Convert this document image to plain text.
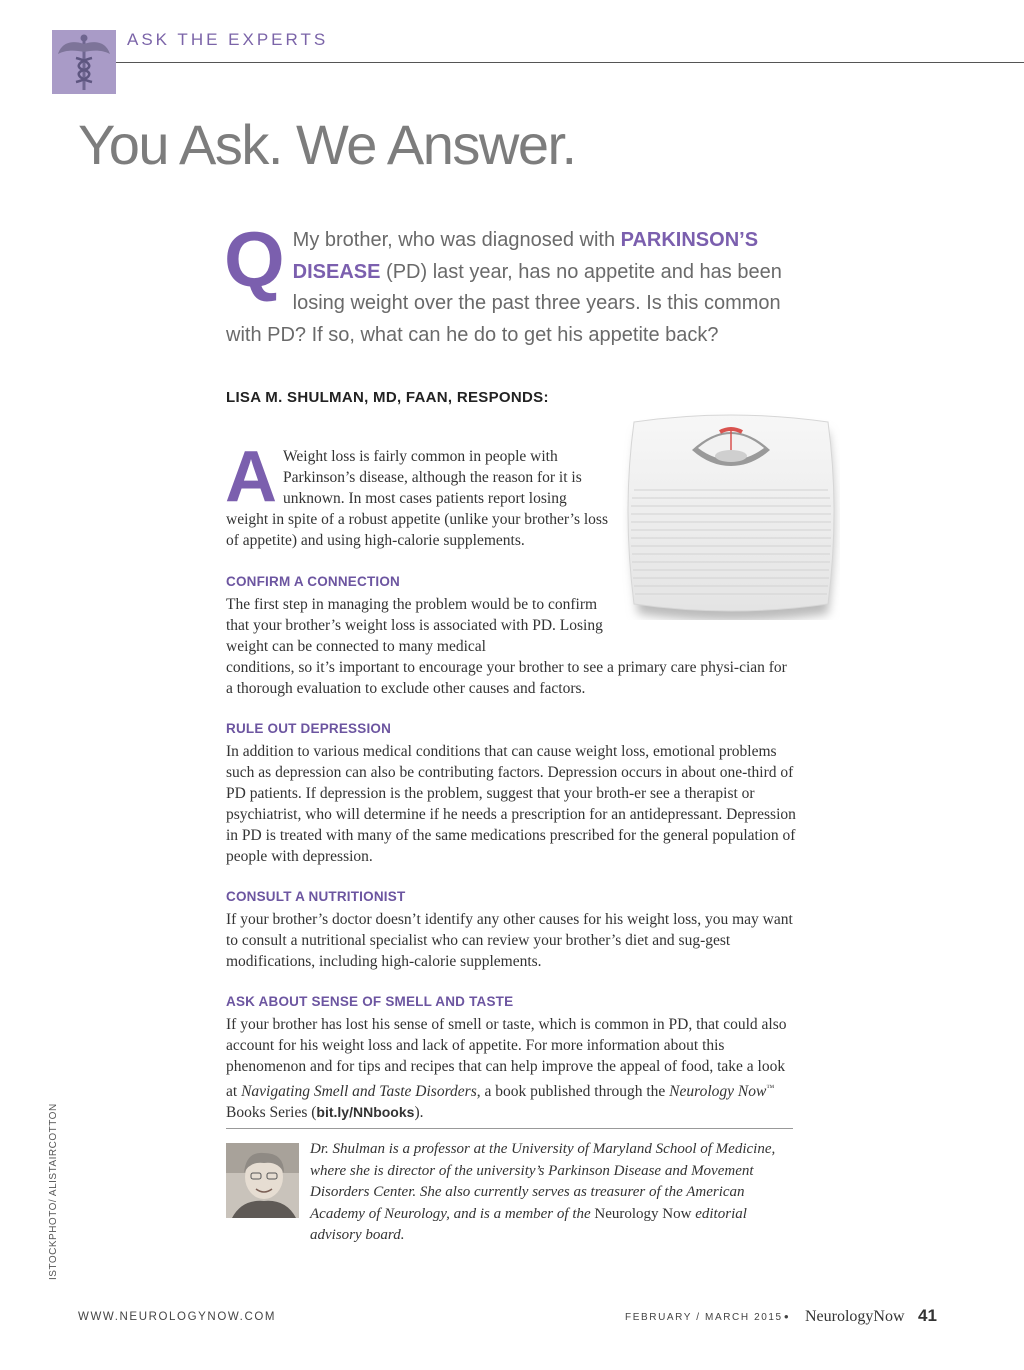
ASK THE EXPERTS
You Ask. We Answer.
Q My brother, who was diagnosed with PARKINSON’S DISEASE (PD) last year, has no appetite and has been losing weight over the past three years. Is this common with PD? If so, what can he do to get his appetite back?

LISA M. SHULMAN, MD, FAAN, RESPONDS:
A Weight loss is fairly common in people with Parkinson’s disease, although the reason for it is unknown. In most cases patients report losing weight in spite of a robust appetite (unlike your brother’s loss of appetite) and using high-calorie supplements.

CONFIRM A CONNECTION

The first step in managing the problem would be to confirm that your brother’s weight loss is associated with PD. Losing weight can be connected to many medical

conditions, so it’s important to encourage your brother to see a primary care physi-cian for a thorough evaluation to exclude other causes and factors.

RULE OUT DEPRESSION

In addition to various medical conditions that can cause weight loss, emotional problems such as depression can also be contributing factors. Depression occurs in about one-third of PD patients. If depression is the problem, suggest that your broth-er see a therapist or psychiatrist, who will determine if he needs a prescription for an antidepressant. Depression in PD is treated with many of the same medications prescribed for the general population of people with depression.

CONSULT A NUTRITIONIST

If your brother’s doctor doesn’t identify any other causes for his weight loss, you may want to consult a nutritional specialist who can review your brother’s diet and sug-gest modifications, including high-calorie supplements.

ASK ABOUT SENSE OF SMELL AND TASTE

If your brother has lost his sense of smell or taste, which is common in PD, that could also account for his weight loss and lack of appetite. For more information about this phenomenon and for tips and recipes that can help improve the appeal of food, take a look at Navigating Smell and Taste Disorders, a book published through the Neurology Now™ Books Series (bit.ly/NNbooks).

Dr. Shulman is a professor at the University of Maryland School of Medicine, where she is director of the university’s Parkinson Disease and Movement Disorders Center. She also currently serves as treasurer of the American Academy of Neurology, and is a member of the Neurology Now editorial advisory board.

ISTOCKPHOTO/ ALISTAIRCOTTON
WWW.NEUROLOGYNOW.COM	FEBRUARY / MARCH 2015 • NeurologyNow 41
